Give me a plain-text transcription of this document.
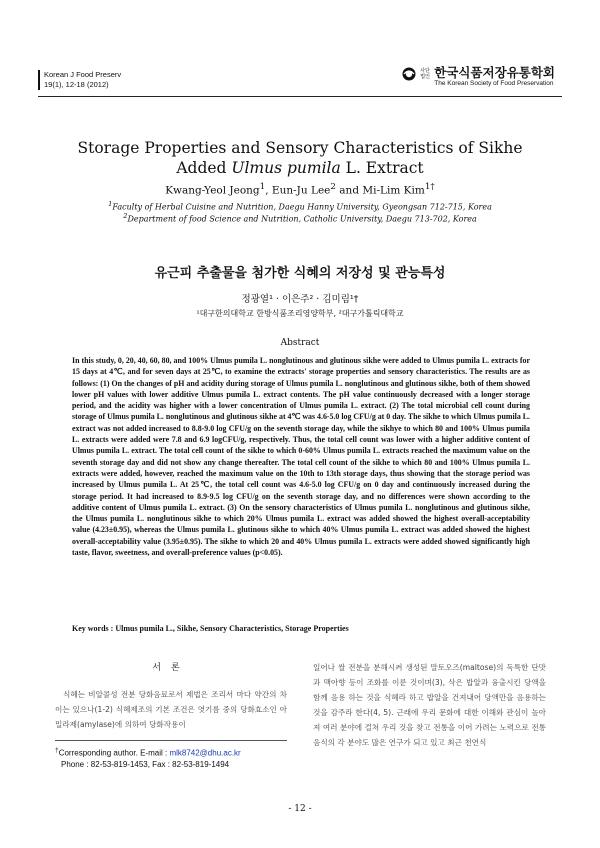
Korean J Food Preserv
19(1), 12-18 (2012)
사단법인 한국식품저장유통학회
The Korean Society of Food Preservation
Storage Properties and Sensory Characteristics of Sikhe Added Ulmus pumila L. Extract
Kwang-Yeol Jeong$^1$, Eun-Ju Lee$^2$ and Mi-Lim Kim$^{1\dagger}$
$^1$Faculty of Herbal Cuisine and Nutrition, Daegu Hanny University, Gyeongsan 712-715, Korea
$^2$Department of food Science and Nutrition, Catholic University, Daegu 713-702, Korea
유근피 추출물을 첨가한 식혜의 저장성 및 관능특성
정광열¹ · 이은주² · 김미림¹†
¹대구한의대학교 한방식품조리영양학부, ²대구가톨릭대학교
Abstract
In this study, 0, 20, 40, 60, 80, and 100% Ulmus pumila L. nonglutinous and glutinous sikhe were added to Ulmus pumila L. extracts for 15 days at 4℃, and for seven days at 25℃, to examine the extracts' storage properties and sensory characteristics. The results are as follows: (1) On the changes of pH and acidity during storage of Ulmus pumila L. nonglutinous and glutinous sikhe, both of them showed lower pH values with lower additive Ulmus pumila L. extract contents. The pH value continuously decreased with a longer storage period, and the acidity was higher with a lower concentration of Ulmus pumila L. extract. (2) The total microbial cell count during storage of Ulmus pumila L. nonglutinous and glutinous sikhe at 4℃ was 4.6-5.0 log CFU/g at 0 day. The sikhe to which Ulmus pumila L. extract was not added increased to 8.8-9.0 log CFU/g on the seventh storage day, while the sikhye to which 80 and 100% Ulmus pumila L. extracts were added were 7.8 and 6.9 logCFU/g, respectively. Thus, the total cell count was lower with a higher additive content of Ulmus pumila L. extract. The total cell count of the sikhe to which 0-60% Ulmus pumila L. extracts reached the maximum value on the seventh storage day and did not show any change thereafter. The total cell count of the sikhe to which 80 and 100% Ulmus pumila L. extracts were added, however, reached the maximum value on the 10th to 13th storage days, thus showing that the storage period was increased by Ulmus pumila L. At 25℃, the total cell count was 4.6-5.0 log CFU/g on 0 day and continuously increased during the storage period. It had increased to 8.9-9.5 log CFU/g on the seventh storage day, and no differences were shown according to the additive content of Ulmus pumila L. extract. (3) On the sensory characteristics of Ulmus pumila L. nonglutinous and glutinous sikhe, the Ulmus pumila L. nonglutinous sikhe to which 20% Ulmus pumila L. extract was added showed the highest overall-acceptability value (4.23±0.95), whereas the Ulmus pumila L. glutinous sikhe to which 40% Ulmus pumila L. extract was added showed the highest overall-acceptability value (3.95±0.95). The sikhe to which 20 and 40% Ulmus pumila L. extracts were added showed significantly high taste, flavor, sweetness, and overall-preference values (p<0.05).
Key words : Ulmus pumila L., Sikhe, Sensory Characteristics, Storage Properties
서론

식혜는 비알콜성 전분 당화음료로서 제법은 조리서 마다 약간의 차이는 있으나(1-2) 식혜제조의 기본 조건은 엿기름 중의 당화효소인 아밀라제(amylase)에 의하여 당화작용이

일어나 쌀 전분을 분해시켜 생성된 말토오즈(maltose)의 독특한 단맛과 맥아향 등이 조화를 이룬 것이며(3), 삭은 밥알과 융출시킨 당액을 함께 음용 하는 것을 식혜라 하고 밥알을 건져내어 당액만을 음용하는 것을 감주라 한다(4, 5). 근래에 우리 문화에 대한 이해와 관심이 높아져 여러 분야에 걸쳐 우리 것을 찾고 전통을 이어 가려는 노력으로 전통음식의 각 분야도 많은 연구가 되고 있고 최근 천연식

†Corresponding author. E-mail : mlk8742@dhu.ac.kr
Phone : 82-53-819-1453, Fax : 82-53-819-1494
- 12 -
